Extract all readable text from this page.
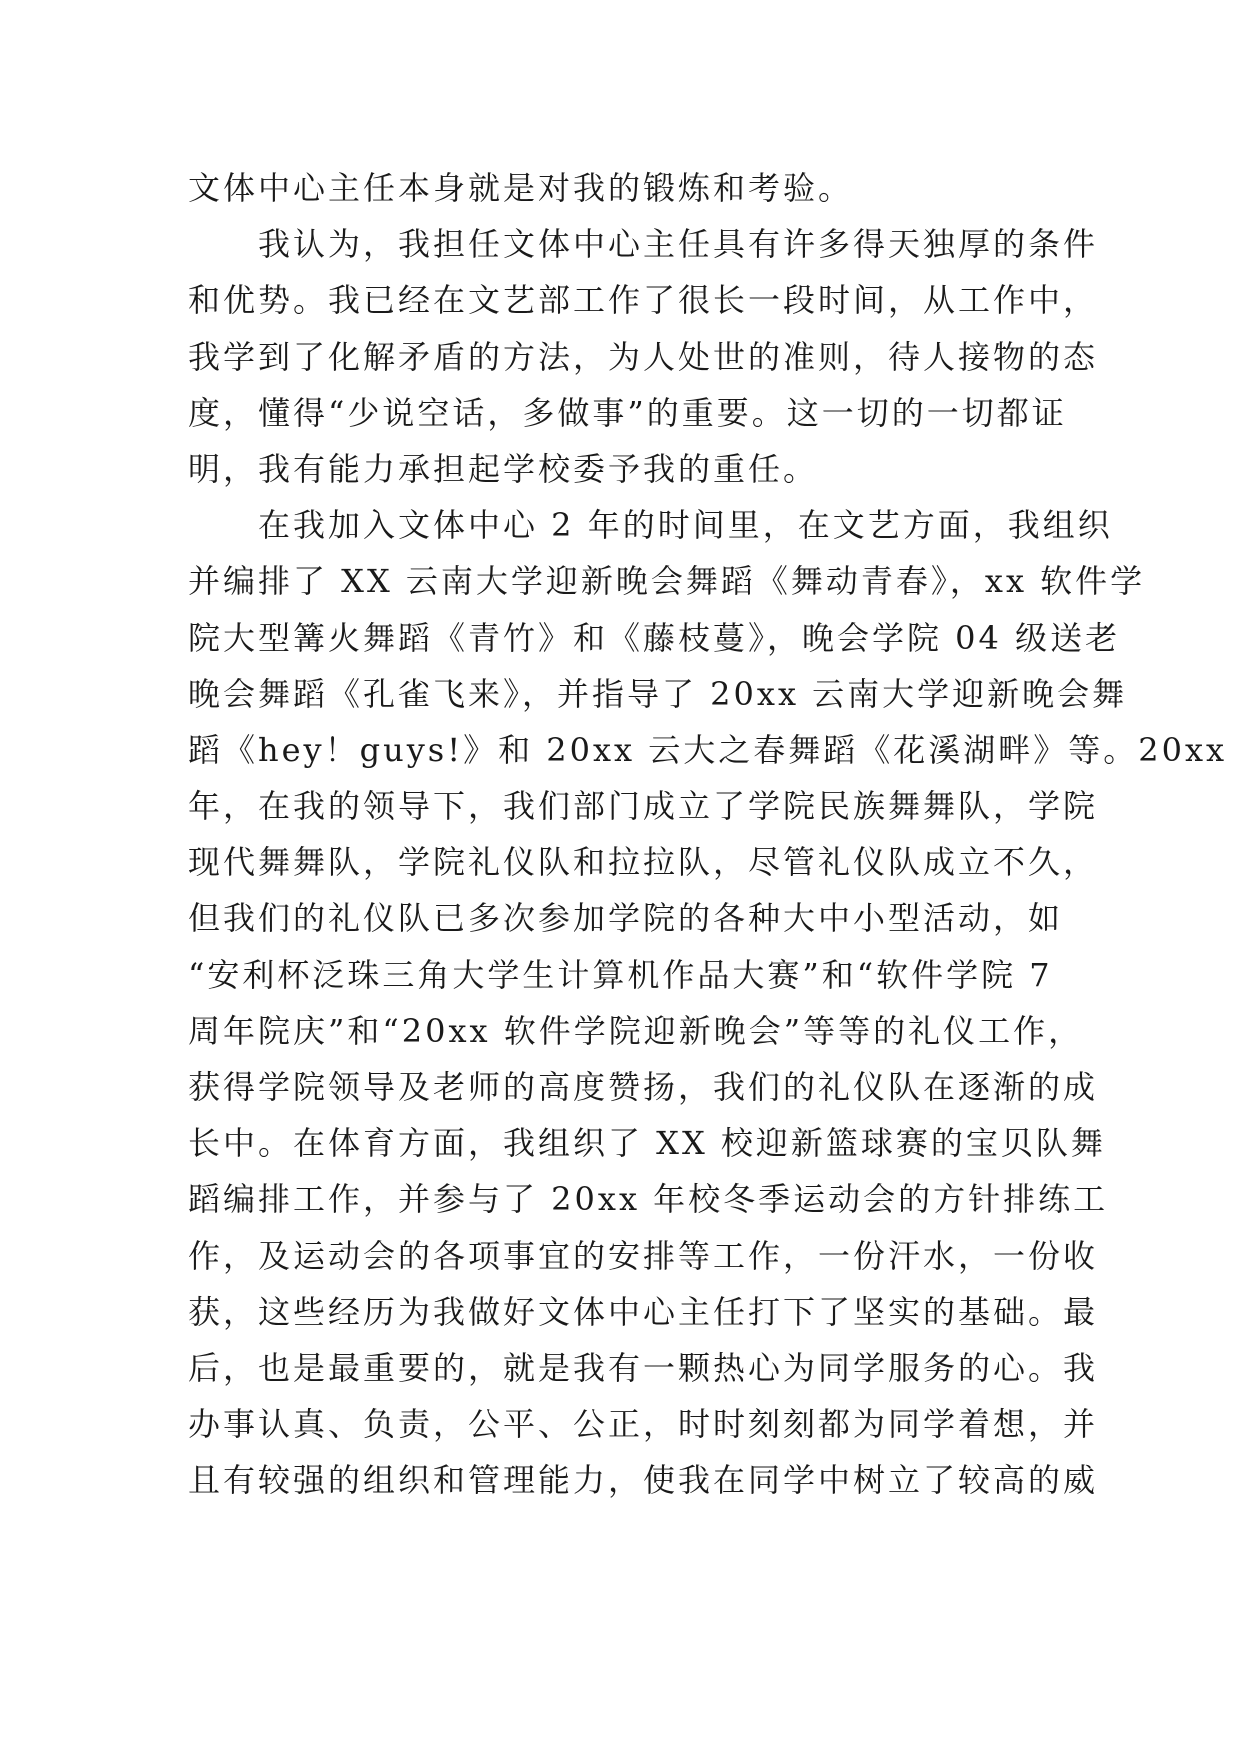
文体中心主任本身就是对我的锻炼和考验。
我认为，我担任文体中心主任具有许多得天独厚的条件
和优势。我已经在文艺部工作了很长一段时间，从工作中，
我学到了化解矛盾的方法，为人处世的准则，待人接物的态
度，懂得“少说空话，多做事”的重要。这一切的一切都证
明，我有能力承担起学校委予我的重任。
在我加入文体中心 2 年的时间里，在文艺方面，我组织
并编排了 XX 云南大学迎新晚会舞蹈《舞动青春》，xx 软件学
院大型篝火舞蹈《青竹》和《藤枝蔓》，晚会学院 04 级送老
晚会舞蹈《孔雀飞来》，并指导了 20xx 云南大学迎新晚会舞
蹈《hey！guys!》和 20xx 云大之春舞蹈《花溪湖畔》等。20xx
年，在我的领导下，我们部门成立了学院民族舞舞队，学院
现代舞舞队，学院礼仪队和拉拉队，尽管礼仪队成立不久，
但我们的礼仪队已多次参加学院的各种大中小型活动，如
“安利杯泛珠三角大学生计算机作品大赛”和“软件学院 7
周年院庆”和“20xx 软件学院迎新晚会”等等的礼仪工作，
获得学院领导及老师的高度赞扬，我们的礼仪队在逐渐的成
长中。在体育方面，我组织了 XX 校迎新篮球赛的宝贝队舞
蹈编排工作，并参与了 20xx 年校冬季运动会的方针排练工
作，及运动会的各项事宜的安排等工作，一份汗水，一份收
获，这些经历为我做好文体中心主任打下了坚实的基础。最
后，也是最重要的，就是我有一颗热心为同学服务的心。我
办事认真、负责，公平、公正，时时刻刻都为同学着想，并
且有较强的组织和管理能力，使我在同学中树立了较高的威
